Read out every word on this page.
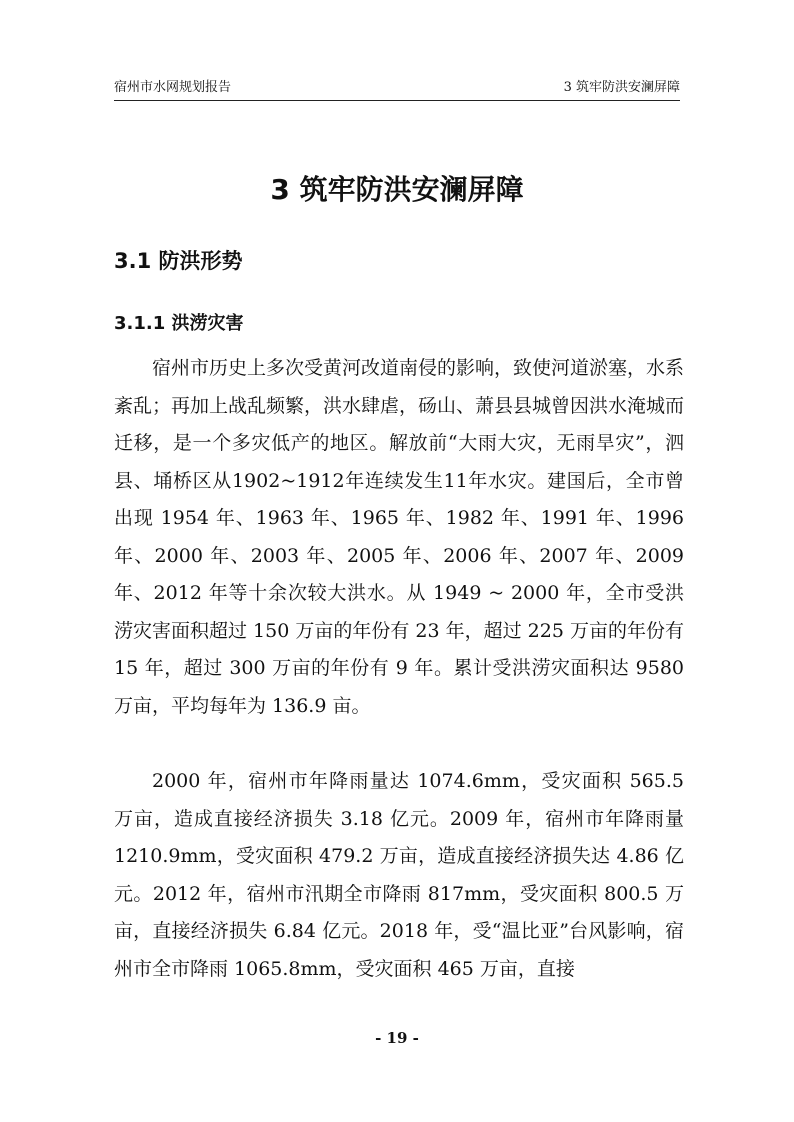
宿州市水网规划报告	3 筑牢防洪安澜屏障
3 筑牢防洪安澜屏障
3.1 防洪形势
3.1.1 洪涝灾害

宿州市历史上多次受黄河改道南侵的影响，致使河道淤塞，水系紊乱；再加上战乱频繁，洪水肆虐，砀山、萧县县城曾因洪水淹城而迁移，是一个多灾低产的地区。解放前“大雨大灾，无雨旱灾”，泗县、埇桥区从1902~1912年连续发生11年水灾。建国后，全市曾出现 1954 年、1963 年、1965 年、1982 年、1991 年、1996 年、2000 年、2003 年、2005 年、2006 年、2007 年、2009 年、2012 年等十余次较大洪水。从 1949 ~ 2000 年，全市受洪涝灾害面积超过 150 万亩的年份有 23 年，超过 225 万亩的年份有 15 年，超过 300 万亩的年份有 9 年。累计受洪涝灾面积达 9580 万亩，平均每年为 136.9 亩。

2000 年，宿州市年降雨量达 1074.6mm，受灾面积 565.5 万亩，造成直接经济损失 3.18 亿元。2009 年，宿州市年降雨量 1210.9mm，受灾面积 479.2 万亩，造成直接经济损失达 4.86 亿元。2012 年，宿州市汛期全市降雨 817mm，受灾面积 800.5 万亩，直接经济损失 6.84 亿元。2018 年，受“温比亚”台风影响，宿州市全市降雨 1065.8mm，受灾面积 465 万亩，直接

- 19 -
